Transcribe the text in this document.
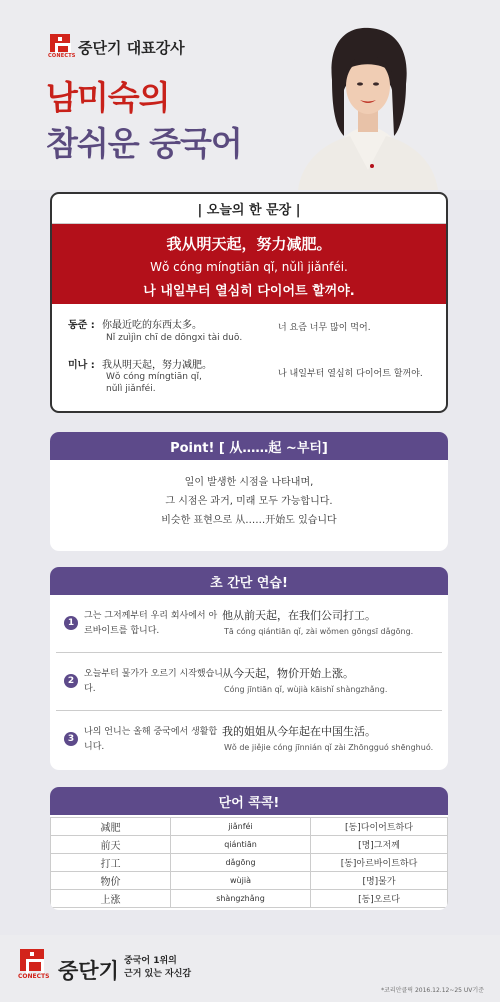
CONECTS 중단기 대표강사
남미숙의
참쉬운 중국어
| 오늘의 한 문장 |
我从明天起，努力减肥。
Wǒ cóng míngtiān qǐ, nǔlì jiǎnféi.
나 내일부터 열심히 다이어트 할꺼야.
동준 : 你最近吃的东西太多。
Nǐ zuìjìn chī de dōngxi tài duō.
너 요즘 너무 많이 먹어.
미나 : 我从明天起，努力减肥。
Wǒ cóng míngtiān qǐ,
nǔlì jiǎnféi.
나 내일부터 열심히 다이어트 할꺼야.
Point! [ 从……起 ~부터]
일이 발생한 시점을 나타내며,
그 시점은 과거, 미래 모두 가능합니다.
비슷한 표현으로 从……开始도 있습니다
초 간단 연습!
1
그는 그저께부터 우리 회사에서 아르바이트를 합니다.
他从前天起，在我们公司打工。
Tā cóng qiántiān qǐ, zài wǒmen gōngsī dǎgōng.
2
오늘부터 물가가 오르기 시작했습니다.
从今天起，物价开始上涨。
Cóng jīntiān qǐ, wùjià kāishǐ shàngzhǎng.
3
나의 언니는 올해 중국에서 생활합니다.
我的姐姐从今年起在中国生活。
Wǒ de jiějie cóng jīnnián qǐ zài Zhōngguó shēnghuó.
단어 콕콕!
减肥	jiǎnféi	[동]다이어트하다
前天	qiántiān	[명]그저께
打工	dǎgōng	[동]아르바이트하다
物价	wùjià	[명]물가
上涨	shàngzhǎng	[동]오르다
CONECTS 중단기 중국어 1위의
근거 있는 자신감
*코리안클릭 2016.12.12~25 UV기준
